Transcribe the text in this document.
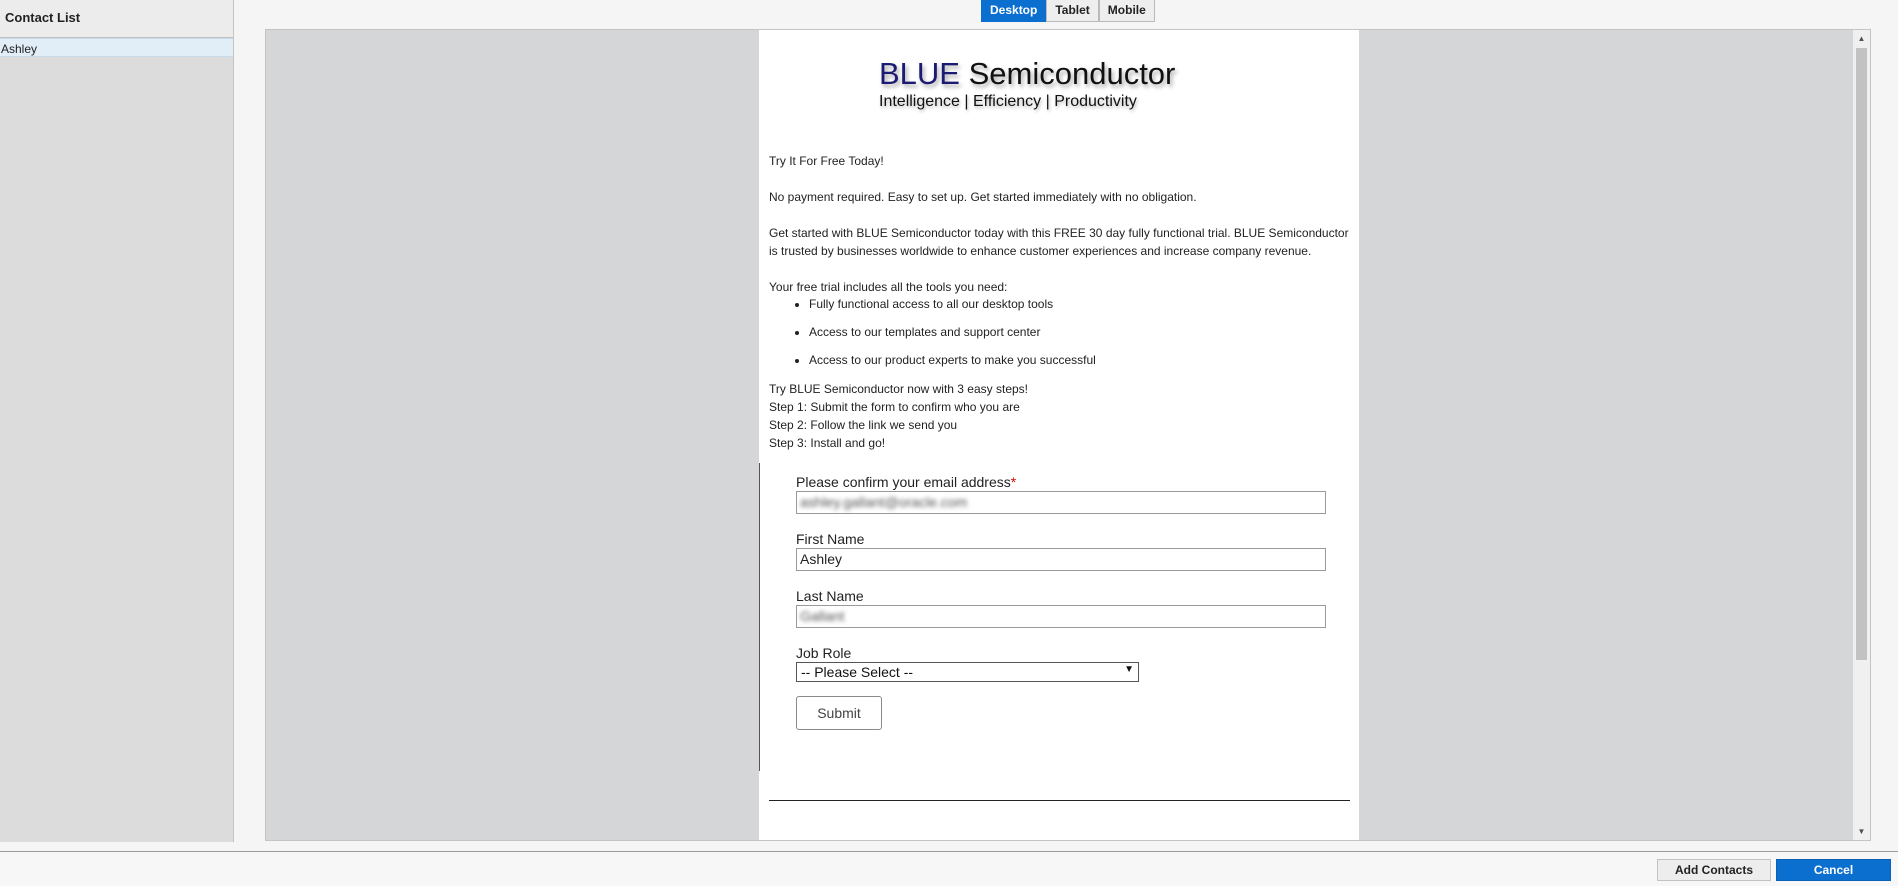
Contact List
Ashley
Desktop	Tablet	Mobile
BLUE Semiconductor
Intelligence | Efficiency | Productivity
Try It For Free Today!
No payment required. Easy to set up. Get started immediately with no obligation.
Get started with BLUE Semiconductor today with this FREE 30 day fully functional trial. BLUE Semiconductor is trusted by businesses worldwide to enhance customer experiences and increase company revenue.
Your free trial includes all the tools you need:
• Fully functional access to all our desktop tools
• Access to our templates and support center
• Access to our product experts to make you successful
Try BLUE Semiconductor now with 3 easy steps!
Step 1: Submit the form to confirm who you are
Step 2: Follow the link we send you
Step 3: Install and go!
Please confirm your email address*
ashley.gallant@oracle.com
First Name
Ashley
Last Name
Gallant
Job Role
-- Please Select --	▼
Submit
▲
▼
Add Contacts	Cancel
